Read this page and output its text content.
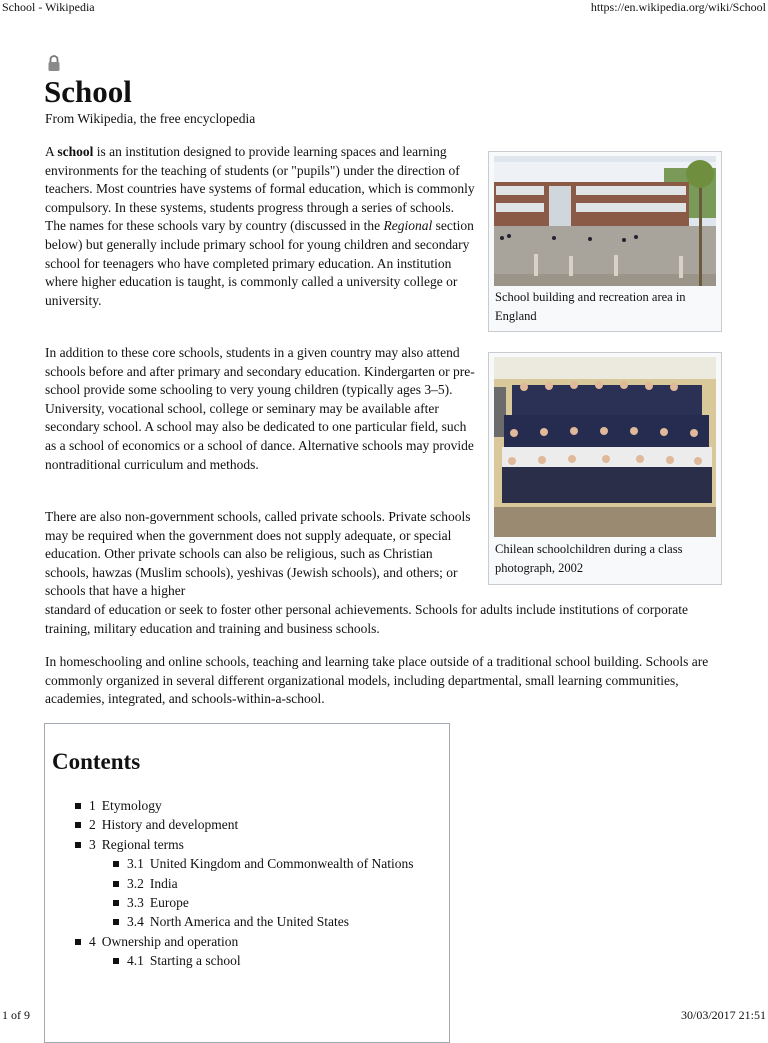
School - Wikipedia	https://en.wikipedia.org/wiki/School
School
From Wikipedia, the free encyclopedia

A school is an institution designed to provide learning spaces and learning environments for the teaching of students (or "pupils") under the direction of teachers. Most countries have systems of formal education, which is commonly compulsory. In these systems, students progress through a series of schools. The names for these schools vary by country (discussed in the Regional section below) but generally include primary school for young children and secondary school for teenagers who have completed primary education. An institution where higher education is taught, is commonly called a university college or university.

In addition to these core schools, students in a given country may also attend schools before and after primary and secondary education. Kindergarten or pre-school provide some schooling to very young children (typically ages 3–5). University, vocational school, college or seminary may be available after secondary school. A school may also be dedicated to one particular field, such as a school of economics or a school of dance. Alternative schools may provide nontraditional curriculum and methods.

There are also non-government schools, called private schools. Private schools may be required when the government does not supply adequate, or special education. Other private schools can also be religious, such as Christian schools, hawzas (Muslim schools), yeshivas (Jewish schools), and others; or schools that have a higher
standard of education or seek to foster other personal achievements. Schools for adults include institutions of corporate training, military education and training and business schools.

In homeschooling and online schools, teaching and learning take place outside of a traditional school building. Schools are commonly organized in several different organizational models, including departmental, small learning communities, academies, integrated, and schools-within-a-school.

School building and recreation area in England
Chilean schoolchildren during a class photograph, 2002
Contents
1 Etymology
2 History and development
3 Regional terms
3.1 United Kingdom and Commonwealth of Nations
3.2 India
3.3 Europe
3.4 North America and the United States
4 Ownership and operation
4.1 Starting a school
1 of 9	30/03/2017 21:51
